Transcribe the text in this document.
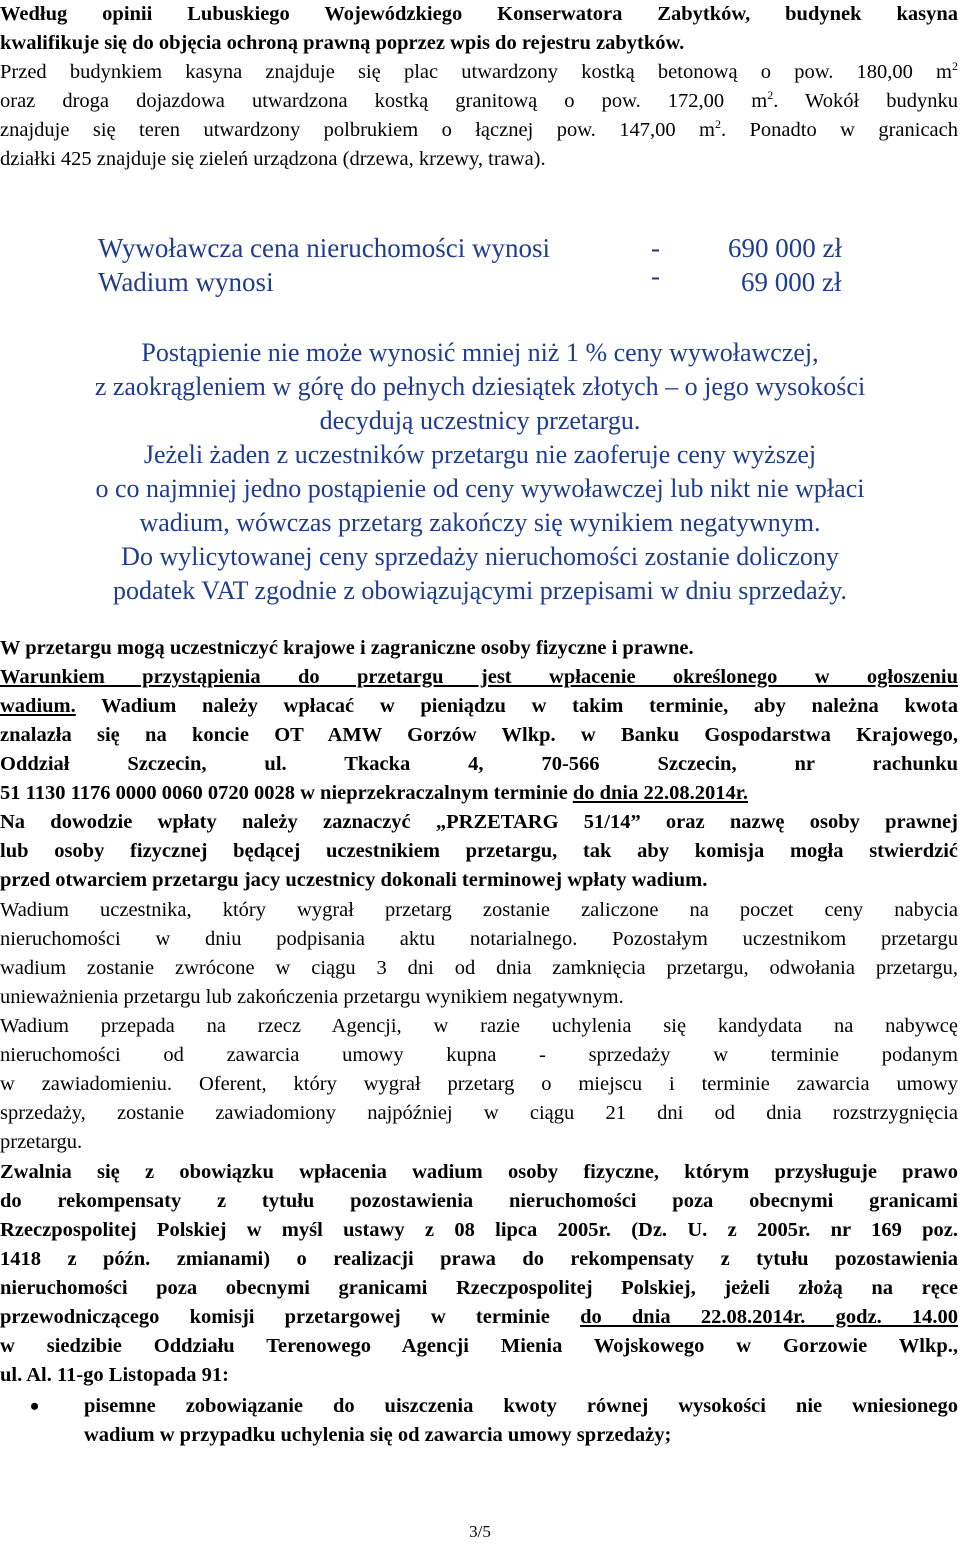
Według opinii Lubuskiego Wojewódzkiego Konserwatora Zabytków, budynek kasyna
kwalifikuje się do objęcia ochroną prawną poprzez wpis do rejestru zabytków.
Przed budynkiem kasyna znajduje się plac utwardzony kostką betonową o pow. 180,00 $m^2$
oraz droga dojazdowa utwardzona kostką granitową o pow. 172,00 $m^2$. Wokół budynku
znajduje się teren utwardzony polbrukiem o łącznej pow. 147,00 $m^2$. Ponadto w granicach
działki 425 znajduje się zieleń urządzona (drzewa, krzewy, trawa).
Wywoławcza cena nieruchomości wynosi	-	690 000 zł
Wadium wynosi	-	69 000 zł
Postąpienie nie może wynosić mniej niż 1 % ceny wywoławczej,
z zaokrągleniem w górę do pełnych dziesiątek złotych – o jego wysokości
decydują uczestnicy przetargu.
Jeżeli żaden z uczestników przetargu nie zaoferuje ceny wyższej
o co najmniej jedno postąpienie od ceny wywoławczej lub nikt nie wpłaci
wadium, wówczas przetarg zakończy się wynikiem negatywnym.
Do wylicytowanej ceny sprzedaży nieruchomości zostanie doliczony
podatek VAT zgodnie z obowiązującymi przepisami w dniu sprzedaży.
W przetargu mogą uczestniczyć krajowe i zagraniczne osoby fizyczne i prawne.
Warunkiem przystąpienia do przetargu jest wpłacenie określonego w ogłoszeniu
wadium. Wadium należy wpłacać w pieniądzu w takim terminie, aby należna kwota
znalazła się na koncie OT AMW Gorzów Wlkp. w Banku Gospodarstwa Krajowego,
Oddział Szczecin, ul. Tkacka 4, 70-566 Szczecin, nr rachunku
51 1130 1176 0000 0060 0720 0028 w nieprzekraczalnym terminie do dnia 22.08.2014r.
Na dowodzie wpłaty należy zaznaczyć „PRZETARG 51/14” oraz nazwę osoby prawnej
lub osoby fizycznej będącej uczestnikiem przetargu, tak aby komisja mogła stwierdzić
przed otwarciem przetargu jacy uczestnicy dokonali terminowej wpłaty wadium.
Wadium uczestnika, który wygrał przetarg zostanie zaliczone na poczet ceny nabycia
nieruchomości w dniu podpisania aktu notarialnego. Pozostałym uczestnikom przetargu
wadium zostanie zwrócone w ciągu 3 dni od dnia zamknięcia przetargu, odwołania przetargu,
unieważnienia przetargu lub zakończenia przetargu wynikiem negatywnym.
Wadium przepada na rzecz Agencji, w razie uchylenia się kandydata na nabywcę
nieruchomości od zawarcia umowy kupna - sprzedaży w terminie podanym
w zawiadomieniu. Oferent, który wygrał przetarg o miejscu i terminie zawarcia umowy
sprzedaży, zostanie zawiadomiony najpóźniej w ciągu 21 dni od dnia rozstrzygnięcia
przetargu.
Zwalnia się z obowiązku wpłacenia wadium osoby fizyczne, którym przysługuje prawo
do rekompensaty z tytułu pozostawienia nieruchomości poza obecnymi granicami
Rzeczpospolitej Polskiej w myśl ustawy z 08 lipca 2005r. (Dz. U. z 2005r. nr 169 poz.
1418 z późn. zmianami) o realizacji prawa do rekompensaty z tytułu pozostawienia
nieruchomości poza obecnymi granicami Rzeczpospolitej Polskiej, jeżeli złożą na ręce
przewodniczącego komisji przetargowej w terminie do dnia 22.08.2014r. godz. 14.00
w siedzibie Oddziału Terenowego Agencji Mienia Wojskowego w Gorzowie Wlkp.,
ul. Al. 11-go Listopada 91:
• pisemne zobowiązanie do uiszczenia kwoty równej wysokości nie wniesionego
wadium w przypadku uchylenia się od zawarcia umowy sprzedaży;
3/5
